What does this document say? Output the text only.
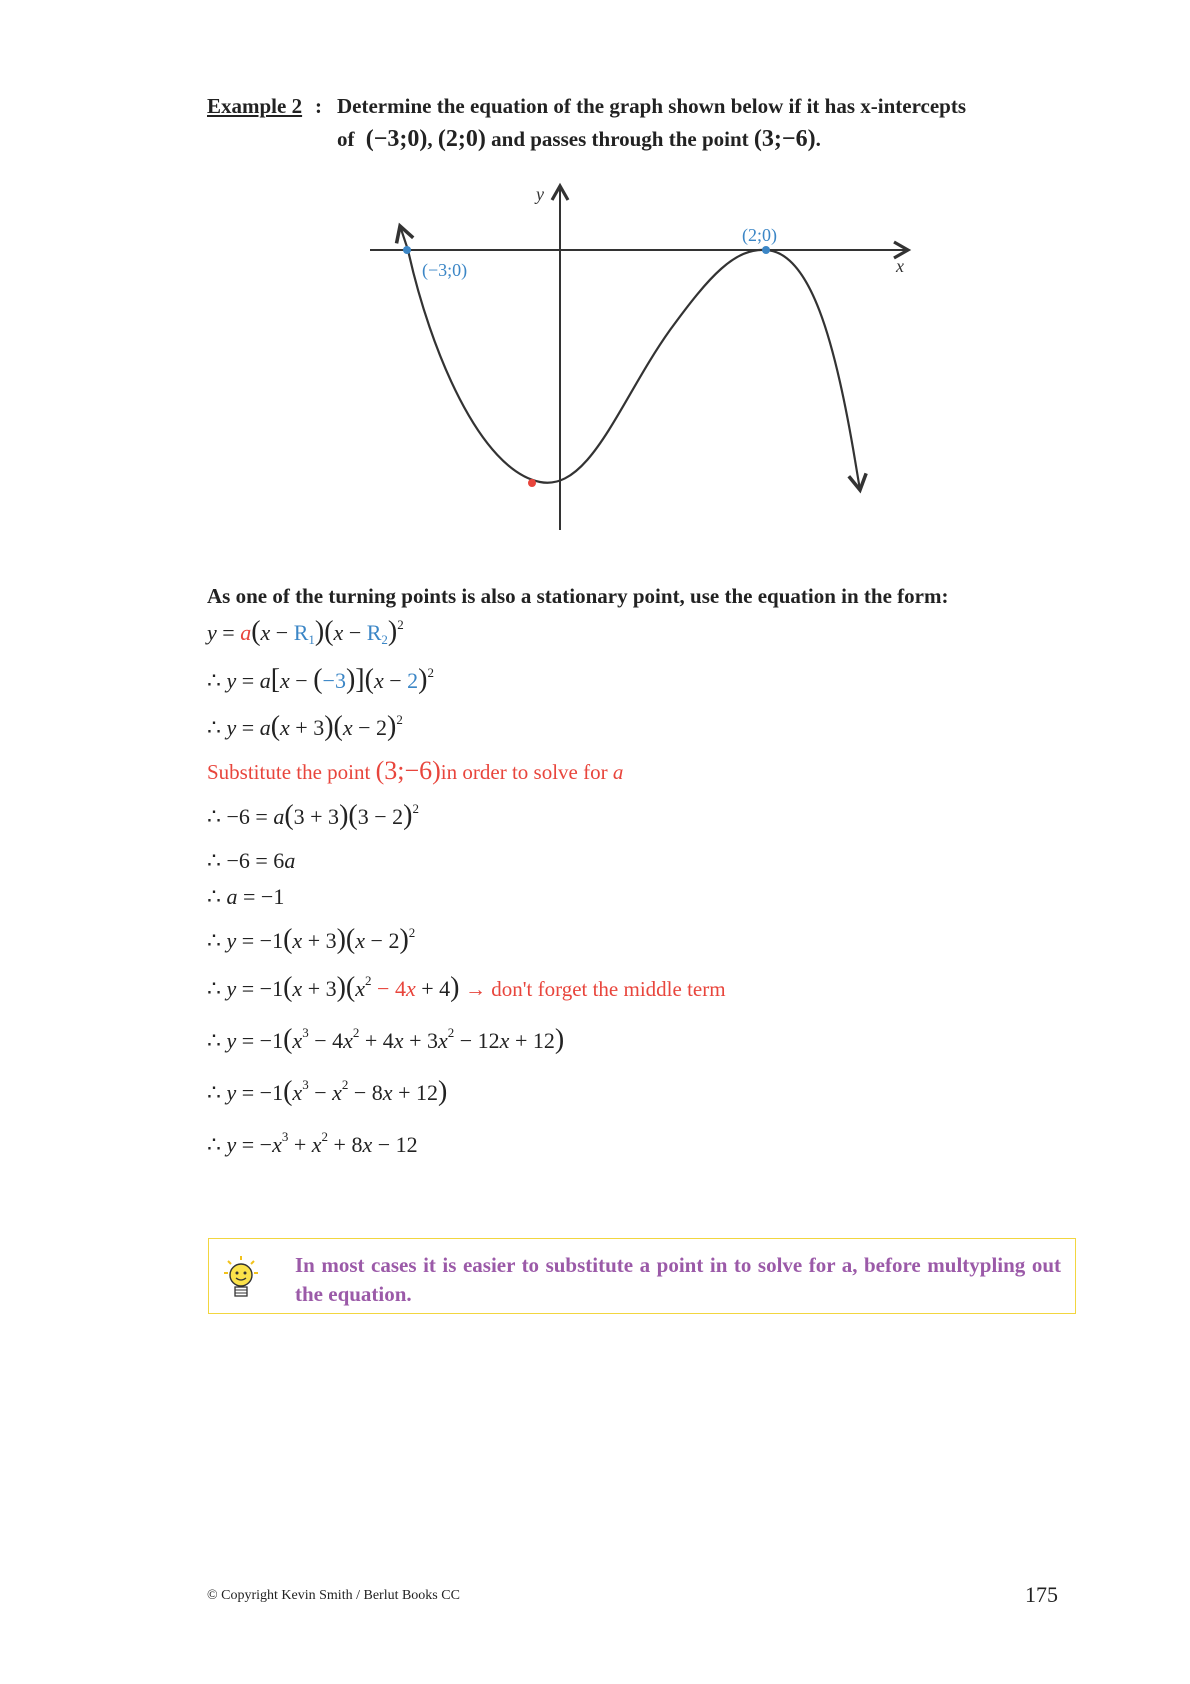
Example 2 : Determine the equation of the graph shown below if it has x-intercepts
of (−3;0), (2;0) and passes through the point (3;−6).
y
x
(−3;0)
(2;0)
As one of the turning points is also a stationary point, use the equation in the form:
$y = a(x - R_1)(x - R_2)^2$
∴ $y = a[x - (-3)](x - 2)^2$
∴ $y = a(x + 3)(x - 2)^2$
Substitute the point (3;−6)in order to solve for a
∴ $-6 = a(3 + 3)(3 - 2)^2$
∴ −6 = 6a
∴ a = −1
∴ $y = -1(x + 3)(x - 2)^2$
∴ $y = -1(x + 3)(x^2 - 4x + 4) \to don't$ forget the middle term
∴ $y = -1(x^3 - 4x^2 + 4x + 3x^2 - 12x + 12)$
∴ $y = -1(x^3 - x^2 - 8x + 12)$
∴ $y = -x^3 + x^2 + 8x - 12$
In most cases it is easier to substitute a point in to solve for a, before multypling out the equation.
© Copyright Kevin Smith / Berlut Books CC	175
